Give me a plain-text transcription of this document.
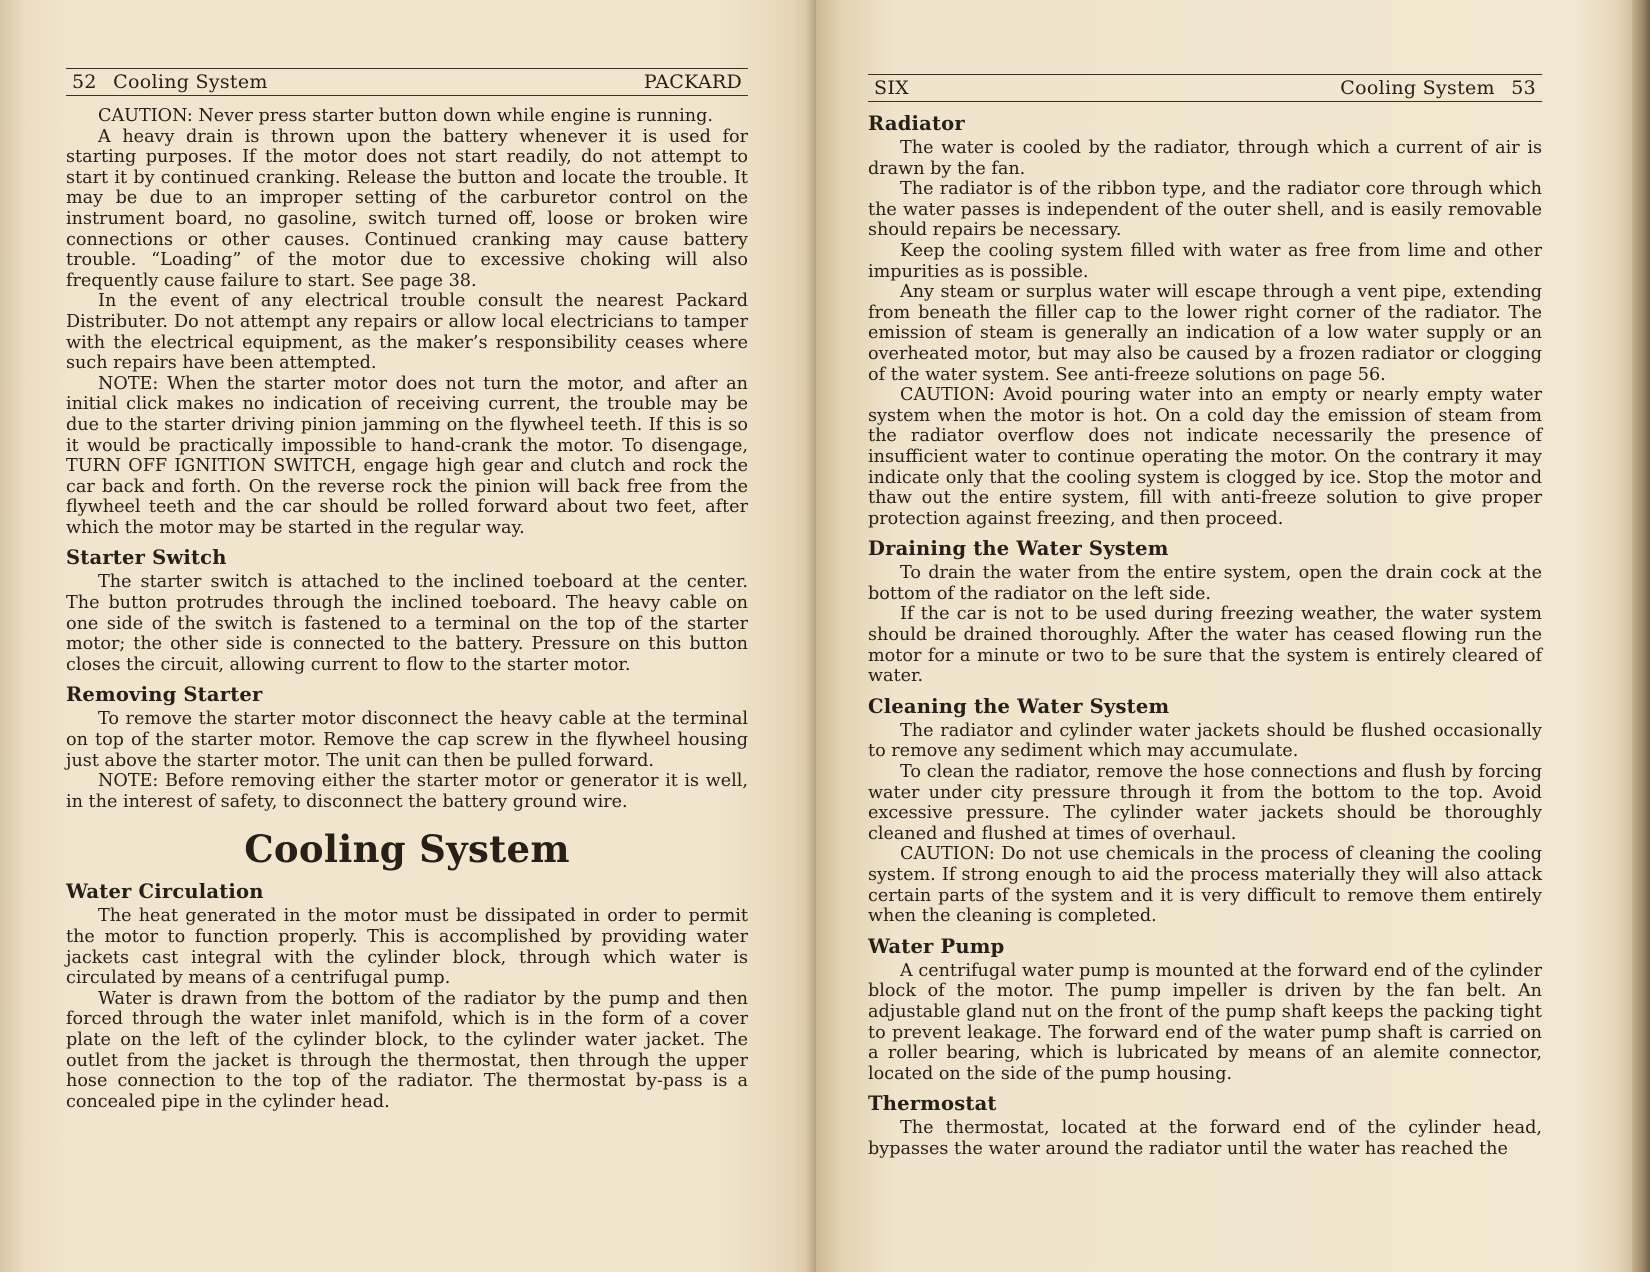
52 Cooling System	PACKARD

CAUTION: Never press starter button down while engine is running.

A heavy drain is thrown upon the battery whenever it is used for starting purposes. If the motor does not start readily, do not attempt to start it by continued cranking. Release the button and locate the trouble. It may be due to an improper setting of the carburetor control on the instrument board, no gasoline, switch turned off, loose or broken wire connections or other causes. Continued cranking may cause battery trouble. “Loading” of the motor due to excessive choking will also frequently cause failure to start. See page 38.

In the event of any electrical trouble consult the nearest Packard Distributer. Do not attempt any repairs or allow local electricians to tamper with the electrical equipment, as the maker’s responsibility ceases where such repairs have been attempted.

NOTE: When the starter motor does not turn the motor, and after an initial click makes no indication of receiving current, the trouble may be due to the starter driving pinion jamming on the flywheel teeth. If this is so it would be practically impossible to hand-crank the motor. To disengage, TURN OFF IGNITION SWITCH, engage high gear and clutch and rock the car back and forth. On the reverse rock the pinion will back free from the flywheel teeth and the car should be rolled forward about two feet, after which the motor may be started in the regular way.

Starter Switch

The starter switch is attached to the inclined toeboard at the center. The button protrudes through the inclined toeboard. The heavy cable on one side of the switch is fastened to a terminal on the top of the starter motor; the other side is connected to the battery. Pressure on this button closes the circuit, allowing current to flow to the starter motor.

Removing Starter

To remove the starter motor disconnect the heavy cable at the terminal on top of the starter motor. Remove the cap screw in the flywheel housing just above the starter motor. The unit can then be pulled forward.

NOTE: Before removing either the starter motor or generator it is well, in the interest of safety, to disconnect the battery ground wire.

Cooling System
Water Circulation

The heat generated in the motor must be dissipated in order to permit the motor to function properly. This is accomplished by providing water jackets cast integral with the cylinder block, through which water is circulated by means of a centrifugal pump.

Water is drawn from the bottom of the radiator by the pump and then forced through the water inlet manifold, which is in the form of a cover plate on the left of the cylinder block, to the cylinder water jacket. The outlet from the jacket is through the thermostat, then through the upper hose connection to the top of the radiator. The thermostat by-pass is a concealed pipe in the cylinder head.

SIX	Cooling System 53
Radiator

The water is cooled by the radiator, through which a current of air is drawn by the fan.

The radiator is of the ribbon type, and the radiator core through which the water passes is independent of the outer shell, and is easily removable should repairs be necessary.

Keep the cooling system filled with water as free from lime and other impurities as is possible.

Any steam or surplus water will escape through a vent pipe, extending from beneath the filler cap to the lower right corner of the radiator. The emission of steam is generally an indication of a low water supply or an overheated motor, but may also be caused by a frozen radiator or clogging of the water system. See anti-freeze solutions on page 56.

CAUTION: Avoid pouring water into an empty or nearly empty water system when the motor is hot. On a cold day the emission of steam from the radiator overflow does not indicate necessarily the presence of insufficient water to continue operating the motor. On the contrary it may indicate only that the cooling system is clogged by ice. Stop the motor and thaw out the entire system, fill with anti-freeze solution to give proper protection against freezing, and then proceed.

Draining the Water System

To drain the water from the entire system, open the drain cock at the bottom of the radiator on the left side.

If the car is not to be used during freezing weather, the water system should be drained thoroughly. After the water has ceased flowing run the motor for a minute or two to be sure that the system is entirely cleared of water.

Cleaning the Water System

The radiator and cylinder water jackets should be flushed occasionally to remove any sediment which may accumulate.

To clean the radiator, remove the hose connections and flush by forcing water under city pressure through it from the bottom to the top. Avoid excessive pressure. The cylinder water jackets should be thoroughly cleaned and flushed at times of overhaul.

CAUTION: Do not use chemicals in the process of cleaning the cooling system. If strong enough to aid the process materially they will also attack certain parts of the system and it is very difficult to remove them entirely when the cleaning is completed.

Water Pump

A centrifugal water pump is mounted at the forward end of the cylinder block of the motor. The pump impeller is driven by the fan belt. An adjustable gland nut on the front of the pump shaft keeps the packing tight to prevent leakage. The forward end of the water pump shaft is carried on a roller bearing, which is lubricated by means of an alemite connector, located on the side of the pump housing.

Thermostat

The thermostat, located at the forward end of the cylinder head, bypasses the water around the radiator until the water has reached the
